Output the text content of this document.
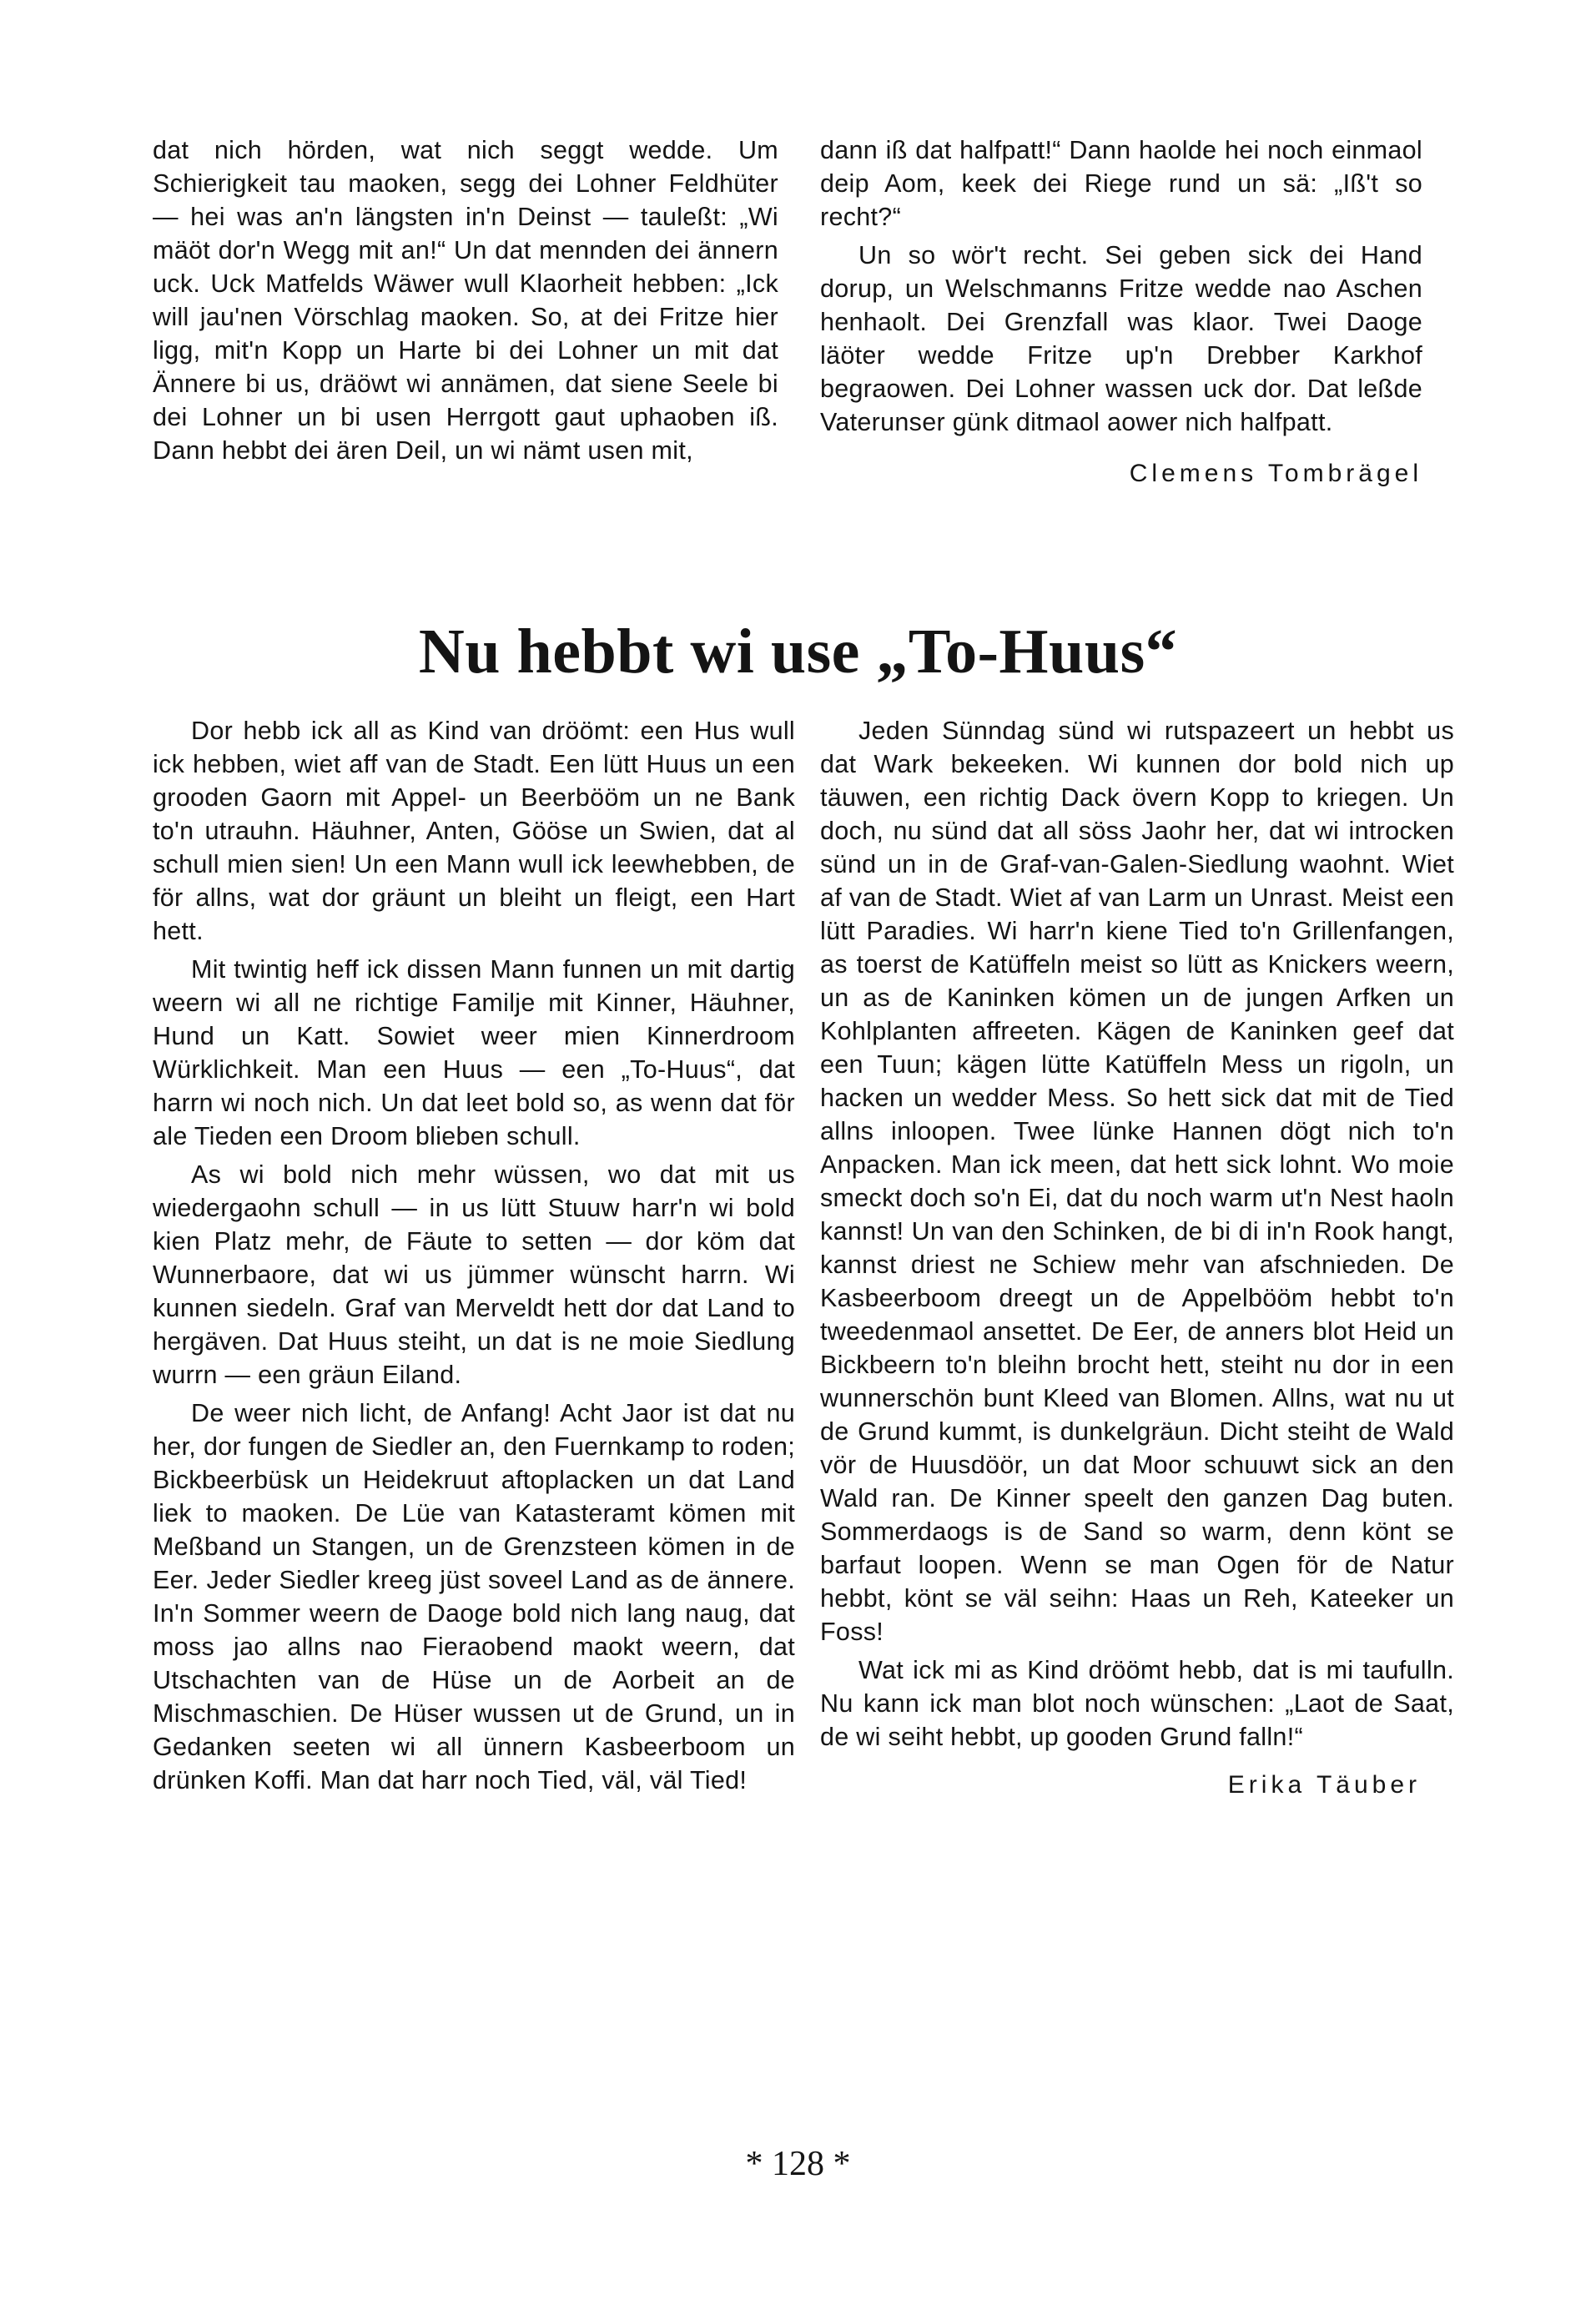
dat nich hörden, wat nich seggt wedde. Um Schierigkeit tau maoken, segg dei Lohner Feldhüter — hei was an'n längsten in'n Deinst — tauleßt: „Wi mäöt dor'n Wegg mit an!“ Un dat mennden dei ännern uck. Uck Matfelds Wäwer wull Klaorheit hebben: „Ick will jau'nen Vörschlag maoken. So, at dei Fritze hier ligg, mit'n Kopp un Harte bi dei Lohner un mit dat Ännere bi us, dräöwt wi annämen, dat siene Seele bi dei Lohner un bi usen Herrgott gaut uphaoben iß. Dann hebbt dei ären Deil, un wi nämt usen mit,

dann iß dat halfpatt!“ Dann haolde hei noch einmaol deip Aom, keek dei Riege rund un sä: „Iß't so recht?“

Un so wör't recht. Sei geben sick dei Hand dorup, un Welschmanns Fritze wedde nao Aschen henhaolt. Dei Grenzfall was klaor. Twei Daoge läöter wedde Fritze up'n Drebber Karkhof begraowen. Dei Lohner wassen uck dor. Dat leßde Vaterunser günk ditmaol aower nich halfpatt.

Clemens Tombrägel
Nu hebbt wi use „To-Huus“

Dor hebb ick all as Kind van dröömt: een Hus wull ick hebben, wiet aff van de Stadt. Een lütt Huus un een grooden Gaorn mit Appel- un Beerbööm un ne Bank to'n utrauhn. Häuhner, Anten, Gööse un Swien, dat al schull mien sien! Un een Mann wull ick leewhebben, de för allns, wat dor gräunt un bleiht un fleigt, een Hart hett.

Mit twintig heff ick dissen Mann funnen un mit dartig weern wi all ne richtige Familje mit Kinner, Häuhner, Hund un Katt. Sowiet weer mien Kinnerdroom Würklichkeit. Man een Huus — een „To-Huus“, dat harrn wi noch nich. Un dat leet bold so, as wenn dat för ale Tieden een Droom blieben schull.

As wi bold nich mehr wüssen, wo dat mit us wiedergaohn schull — in us lütt Stuuw harr'n wi bold kien Platz mehr, de Fäute to setten — dor köm dat Wunnerbaore, dat wi us jümmer wünscht harrn. Wi kunnen siedeln. Graf van Merveldt hett dor dat Land to hergäven. Dat Huus steiht, un dat is ne moie Siedlung wurrn — een gräun Eiland.

De weer nich licht, de Anfang! Acht Jaor ist dat nu her, dor fungen de Siedler an, den Fuernkamp to roden; Bickbeerbüsk un Heidekruut aftoplacken un dat Land liek to maoken. De Lüe van Katasteramt kömen mit Meßband un Stangen, un de Grenzsteen kömen in de Eer. Jeder Siedler kreeg jüst soveel Land as de ännere. In'n Sommer weern de Daoge bold nich lang naug, dat moss jao allns nao Fieraobend maokt weern, dat Utschachten van de Hüse un de Aorbeit an de Mischmaschien. De Hüser wussen ut de Grund, un in Gedanken seeten wi all ünnern Kasbeerboom un drünken Koffi. Man dat harr noch Tied, väl, väl Tied!

Jeden Sünndag sünd wi rutspazeert un hebbt us dat Wark bekeeken. Wi kunnen dor bold nich up täuwen, een richtig Dack övern Kopp to kriegen. Un doch, nu sünd dat all söss Jaohr her, dat wi introcken sünd un in de Graf-van-Galen-Siedlung waohnt. Wiet af van de Stadt. Wiet af van Larm un Unrast. Meist een lütt Paradies. Wi harr'n kiene Tied to'n Grillenfangen, as toerst de Katüffeln meist so lütt as Knickers weern, un as de Kaninken kömen un de jungen Arfken un Kohlplanten affreeten. Kägen de Kaninken geef dat een Tuun; kägen lütte Katüffeln Mess un rigoln, un hacken un wedder Mess. So hett sick dat mit de Tied allns inloopen. Twee lünke Hannen dögt nich to'n Anpacken. Man ick meen, dat hett sick lohnt. Wo moie smeckt doch so'n Ei, dat du noch warm ut'n Nest haoln kannst! Un van den Schinken, de bi di in'n Rook hangt, kannst driest ne Schiew mehr van afschnieden. De Kasbeerboom dreegt un de Appelbööm hebbt to'n tweedenmaol ansettet. De Eer, de anners blot Heid un Bickbeern to'n bleihn brocht hett, steiht nu dor in een wunnerschön bunt Kleed van Blomen. Allns, wat nu ut de Grund kummt, is dunkelgräun. Dicht steiht de Wald vör de Huusdöör, un dat Moor schuuwt sick an den Wald ran. De Kinner speelt den ganzen Dag buten. Sommerdaogs is de Sand so warm, denn könt se barfaut loopen. Wenn se man Ogen för de Natur hebbt, könt se väl seihn: Haas un Reh, Kateeker un Foss!

Wat ick mi as Kind dröömt hebb, dat is mi taufulln. Nu kann ick man blot noch wünschen: „Laot de Saat, de wi seiht hebbt, up gooden Grund falln!“

Erika Täuber
* 128 *
